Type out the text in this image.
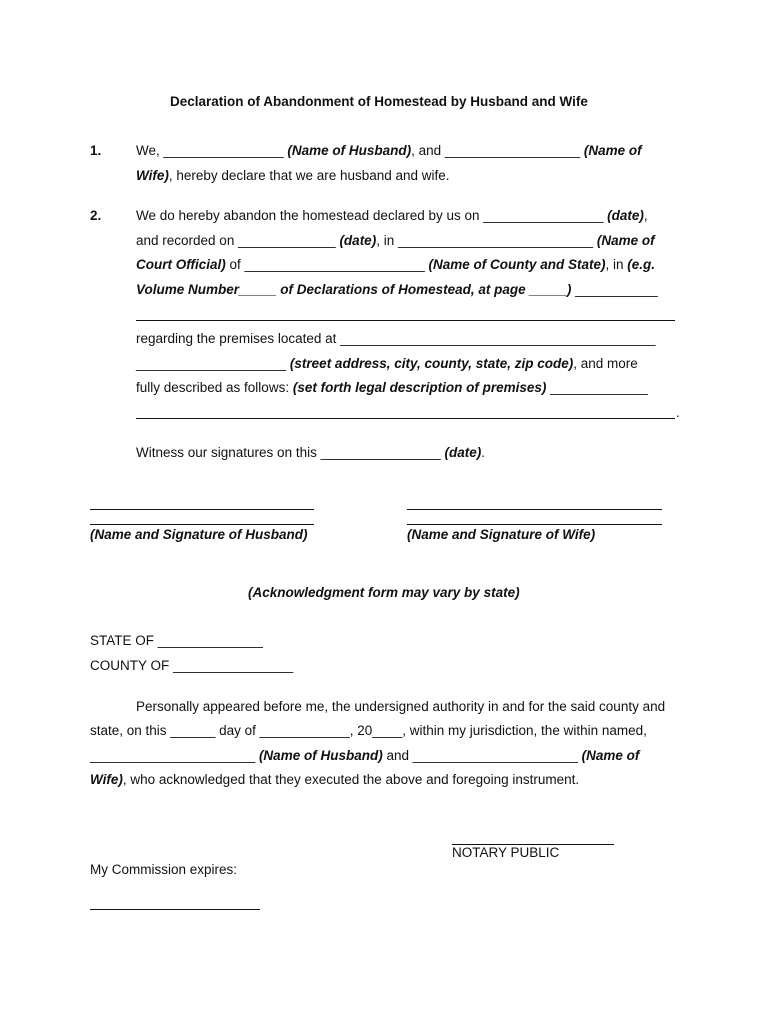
Declaration of Abandonment of Homestead by Husband and Wife
1.	We, ________________ (Name of Husband), and __________________ (Name of
Wife), hereby declare that we are husband and wife.
2.	We do hereby abandon the homestead declared by us on ________________ (date),
and recorded on _____________ (date), in __________________________ (Name of
Court Official) of ________________________ (Name of County and State), in (e.g.
Volume Number_____ of Declarations of Homestead, at page _____) ___________
regarding the premises located at __________________________________________
____________________ (street address, city, county, state, zip code), and more
fully described as follows: (set forth legal description of premises) _____________
.
Witness our signatures on this ________________ (date).
(Name and Signature of Husband)	(Name and Signature of Wife)
(Acknowledgment form may vary by state)
STATE OF ______________
COUNTY OF ________________
Personally appeared before me, the undersigned authority in and for the said county and
state, on this ______ day of ____________, 20____, within my jurisdiction, the within named,
______________________ (Name of Husband) and ______________________ (Name of
Wife), who acknowledged that they executed the above and foregoing instrument.
NOTARY PUBLIC
My Commission expires:
